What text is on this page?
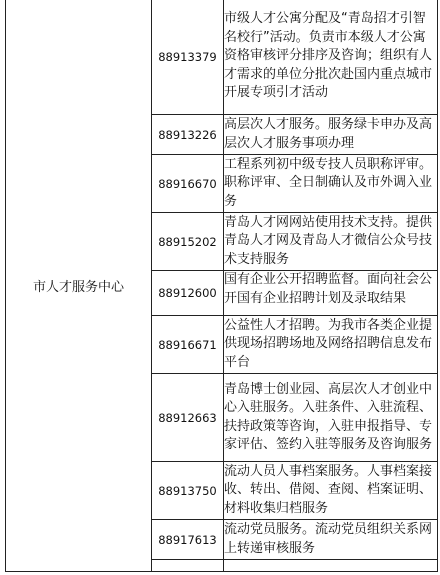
市人才服务中心	88913379	市级人才公寓分配及“青岛招才引智名校行”活动。负责市本级人才公寓资格审核评分排序及咨询；组织有人才需求的单位分批次赴国内重点城市开展专项引才活动

	88913226	高层次人才服务。服务绿卡申办及高层次人才服务事项办理

	88916670	工程系列初中级专技人员职称评审。职称评审、全日制确认及市外调入业务

	88915202	青岛人才网网站使用技术支持。提供青岛人才网及青岛人才微信公众号技术支持服务

	88912600	国有企业公开招聘监督。面向社会公开国有企业招聘计划及录取结果

	88916671	公益性人才招聘。为我市各类企业提供现场招聘场地及网络招聘信息发布平台

	88912663	青岛博士创业园、高层次人才创业中心入驻服务。入驻条件、入驻流程、扶持政策等咨询，入驻申报指导、专家评估、签约入驻等服务及咨询服务

	88913750	流动人员人事档案服务。人事档案接收、转出、借阅、查阅、档案证明、材料收集归档服务

	88917613	流动党员服务。流动党员组织关系网上转递审核服务
